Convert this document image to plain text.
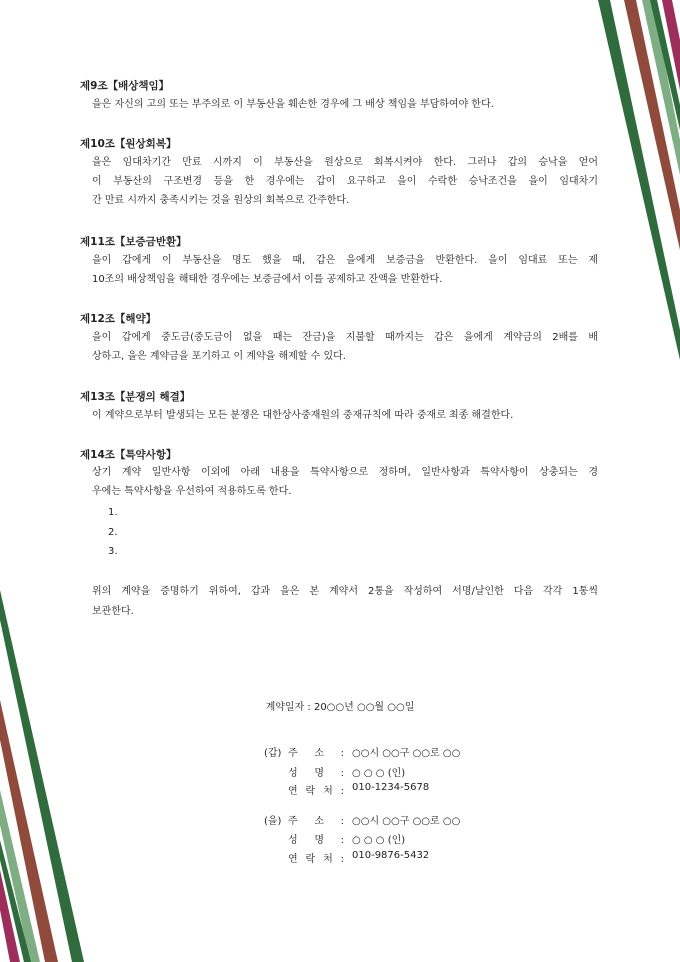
제9조【배상책임】
을은 자신의 고의 또는 부주의로 이 부동산을 훼손한 경우에 그 배상 책임을 부담하여야 한다.
제10조【원상회복】
을은 임대차기간 만료 시까지 이 부동산을 원상으로 회복시켜야 한다. 그러나 갑의 승낙을 얻어
이 부동산의 구조변경 등을 한 경우에는 갑이 요구하고 을이 수락한 승낙조건을 을이 임대차기
간 만료 시까지 충족시키는 것을 원상의 회복으로 간주한다.
제11조【보증금반환】
을이 갑에게 이 부동산을 명도 했을 때, 갑은 을에게 보증금을 반환한다. 을이 임대료 또는 제
10조의 배상책임을 해태한 경우에는 보증금에서 이를 공제하고 잔액을 반환한다.
제12조【해약】
을이 갑에게 중도금(중도금이 없을 때는 잔금)을 지불할 때까지는 갑은 을에게 계약금의 2배를 배
상하고, 을은 계약금을 포기하고 이 계약을 해제할 수 있다.
제13조【분쟁의 해결】
이 계약으로부터 발생되는 모든 분쟁은 대한상사중재원의 중재규칙에 따라 중재로 최종 해결한다.
제14조【특약사항】
상기 계약 일반사항 이외에 아래 내용을 특약사항으로 정하며, 일반사항과 특약사항이 상충되는 경
우에는 특약사항을 우선하여 적용하도록 한다.
1.
2.
3.
위의 계약을 증명하기 위하여, 갑과 을은 본 계약서 2통을 작성하여 서명/날인한 다음 각각 1통씩
보관한다.
계약일자 : 20○○년 ○○월 ○○일
(갑) 주 소 : ○○시 ○○구 ○○로 ○○
성 명 : ○ ○ ○ (인)
연 락 처 : 010-1234-5678
(을) 주 소 : ○○시 ○○구 ○○로 ○○
성 명 : ○ ○ ○ (인)
연 락 처 : 010-9876-5432
